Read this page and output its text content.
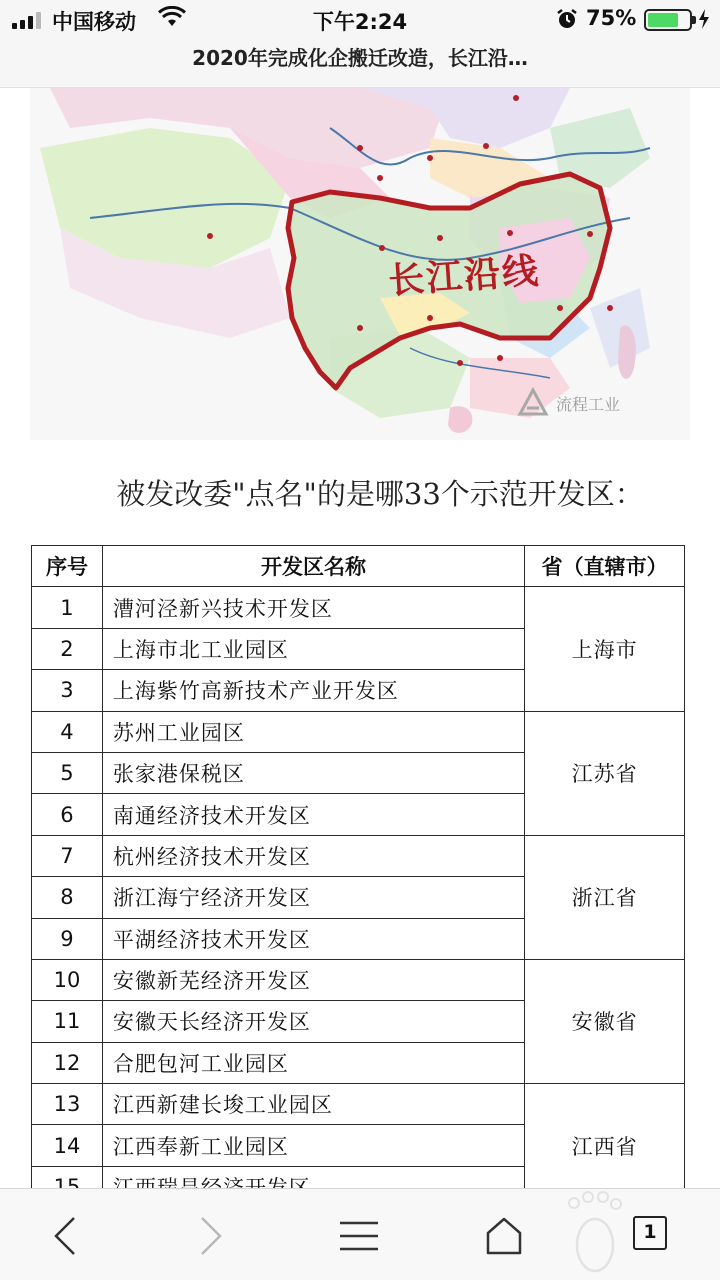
中国移动	下午2:24	75%
2020年完成化企搬迁改造，长江沿…
长江沿线
流程工业
被发改委"点名"的是哪33个示范开发区：
序号	开发区名称	省（直辖市）
1	漕河泾新兴技术开发区	上海市
2	上海市北工业园区	
3	上海紫竹高新技术产业开发区	
4	苏州工业园区	江苏省
5	张家港保税区	
6	南通经济技术开发区	
7	杭州经济技术开发区	浙江省
8	浙江海宁经济开发区	
9	平湖经济技术开发区	
10	安徽新芜经济开发区	安徽省
11	安徽天长经济开发区	
12	合肥包河工业园区	
13	江西新建长埈工业园区	江西省
14	江西奉新工业园区	

1
